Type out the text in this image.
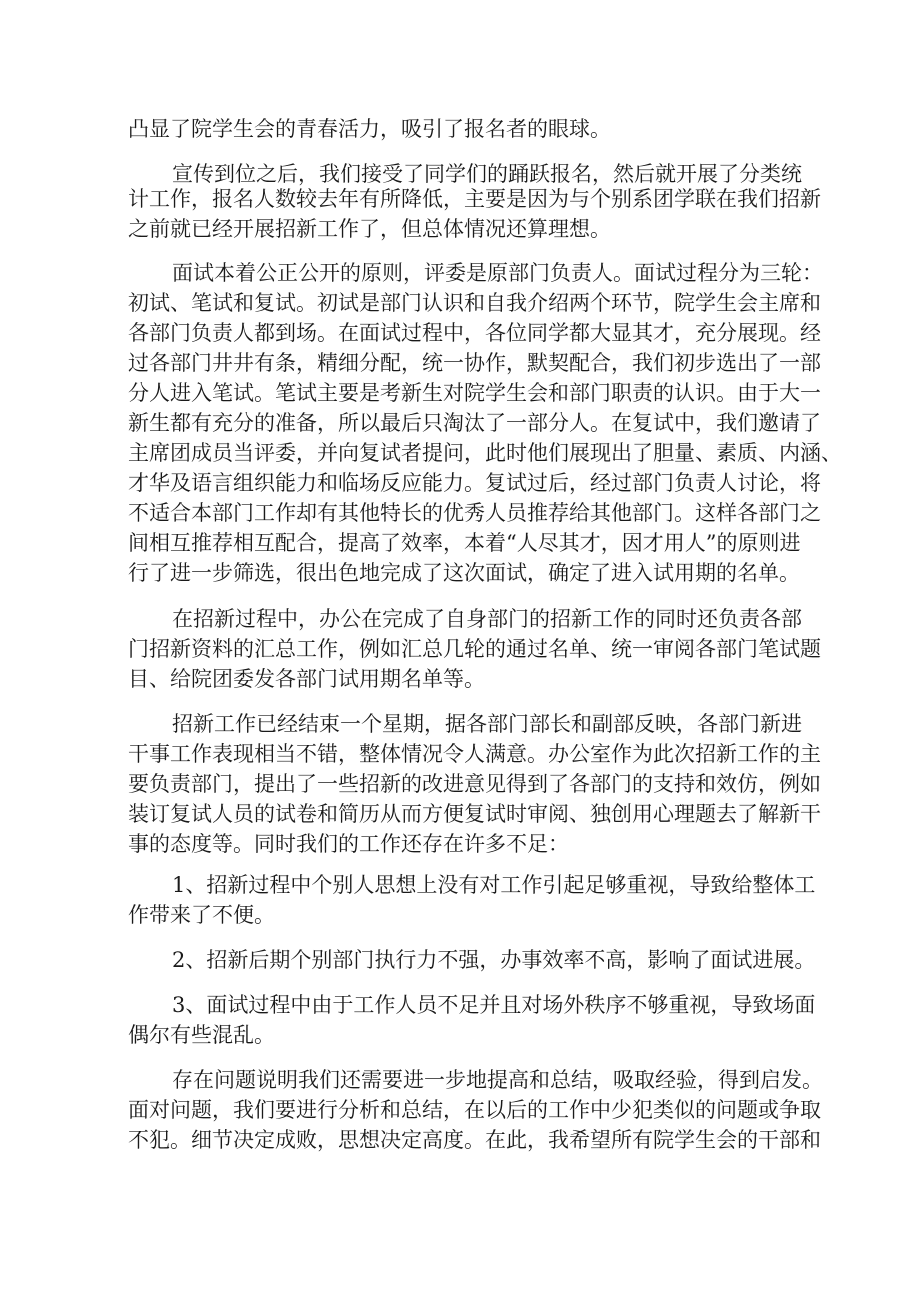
凸显了院学生会的青春活力，吸引了报名者的眼球。
宣传到位之后，我们接受了同学们的踊跃报名，然后就开展了分类统
计工作，报名人数较去年有所降低，主要是因为与个别系团学联在我们招新
之前就已经开展招新工作了，但总体情况还算理想。
面试本着公正公开的原则，评委是原部门负责人。面试过程分为三轮：
初试、笔试和复试。初试是部门认识和自我介绍两个环节，院学生会主席和
各部门负责人都到场。在面试过程中，各位同学都大显其才，充分展现。经
过各部门井井有条，精细分配，统一协作，默契配合，我们初步选出了一部
分人进入笔试。笔试主要是考新生对院学生会和部门职责的认识。由于大一
新生都有充分的准备，所以最后只淘汰了一部分人。在复试中，我们邀请了
主席团成员当评委，并向复试者提问，此时他们展现出了胆量、素质、内涵、
才华及语言组织能力和临场反应能力。复试过后，经过部门负责人讨论，将
不适合本部门工作却有其他特长的优秀人员推荐给其他部门。这样各部门之
间相互推荐相互配合，提高了效率，本着“人尽其才，因才用人”的原则进
行了进一步筛选，很出色地完成了这次面试，确定了进入试用期的名单。
在招新过程中，办公在完成了自身部门的招新工作的同时还负责各部
门招新资料的汇总工作，例如汇总几轮的通过名单、统一审阅各部门笔试题
目、给院团委发各部门试用期名单等。
招新工作已经结束一个星期，据各部门部长和副部反映，各部门新进
干事工作表现相当不错，整体情况令人满意。办公室作为此次招新工作的主
要负责部门，提出了一些招新的改进意见得到了各部门的支持和效仿，例如
装订复试人员的试卷和简历从而方便复试时审阅、独创用心理题去了解新干
事的态度等。同时我们的工作还存在许多不足：
1、招新过程中个别人思想上没有对工作引起足够重视，导致给整体工
作带来了不便。
2、招新后期个别部门执行力不强，办事效率不高，影响了面试进展。
3、面试过程中由于工作人员不足并且对场外秩序不够重视，导致场面
偶尔有些混乱。
存在问题说明我们还需要进一步地提高和总结，吸取经验，得到启发。
面对问题，我们要进行分析和总结，在以后的工作中少犯类似的问题或争取
不犯。细节决定成败，思想决定高度。在此，我希望所有院学生会的干部和
